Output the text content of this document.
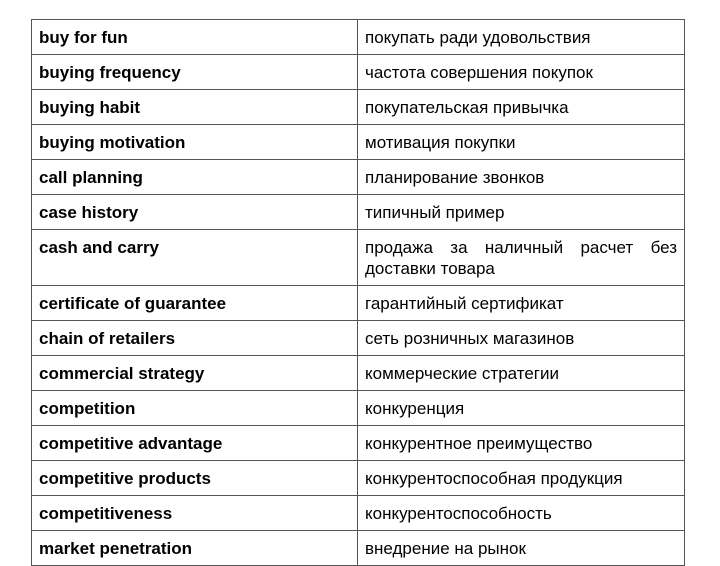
buy for fun	покупать ради удовольствия
buying frequency	частота совершения покупок
buying habit	покупательская привычка
buying motivation	мотивация покупки
call planning	планирование звонков
case history	типичный пример
cash and carry	продажа за наличный расчет без доставки товара
certificate of guarantee	гарантийный сертификат
chain of retailers	сеть розничных магазинов
commercial strategy	коммерческие стратегии
competition	конкуренция
competitive advantage	конкурентное преимущество
competitive products	конкурентоспособная продукция
competitiveness	конкурентоспособность
market penetration	внедрение на рынок
